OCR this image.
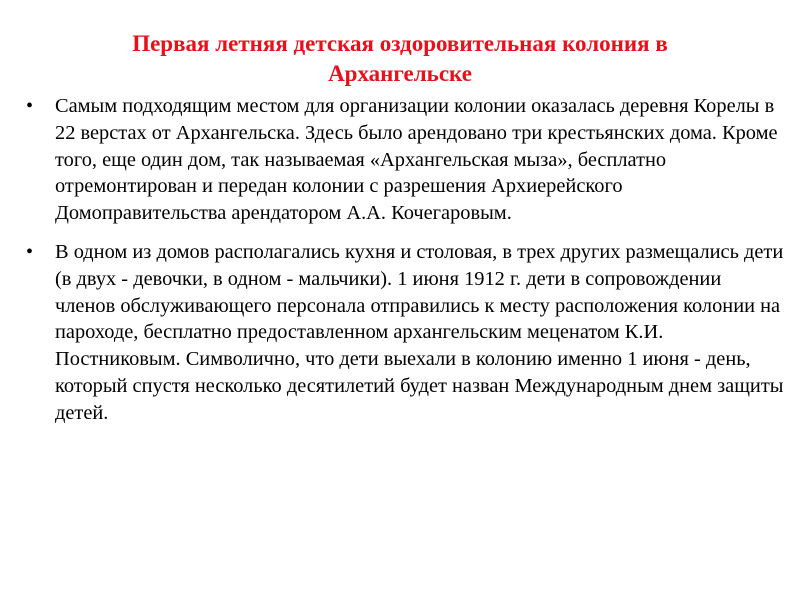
Первая летняя детская оздоровительная колония в Архангельске
•	Самым подходящим местом для организации колонии оказалась деревня Корелы в 22 верстах от Архангельска. Здесь было арендовано три крестьянских дома. Кроме того, еще один дом, так называемая «Архангельская мыза», бесплатно отремонтирован и передан колонии с разрешения Архиерейского Домоправительства арендатором А.А. Кочегаровым.
•	В одном из домов располагались кухня и столовая, в трех других размещались дети (в двух - девочки, в одном - мальчики). 1 июня 1912 г. дети в сопровождении членов обслуживающего персонала отправились к месту расположения колонии на пароходе, бесплатно предоставленном архангельским меценатом К.И. Постниковым. Символично, что дети выехали в колонию именно 1 июня - день, который спустя несколько десятилетий будет назван Международным днем защиты детей.
